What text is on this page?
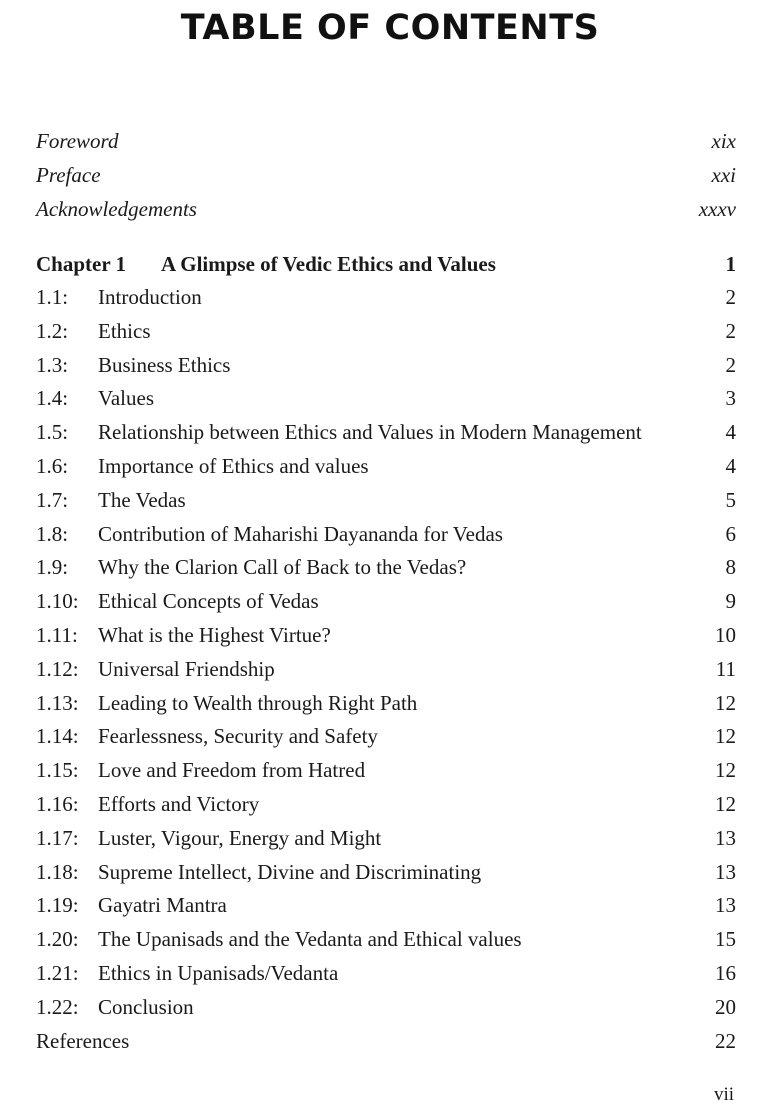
TABLE OF CONTENTS
Foreword	xix
Preface	xxi
Acknowledgements	xxxv
Chapter 1	A Glimpse of Vedic Ethics and Values	1
1.1:	Introduction	2
1.2:	Ethics	2
1.3:	Business Ethics	2
1.4:	Values	3
1.5:	Relationship between Ethics and Values in Modern Management	4
1.6:	Importance of Ethics and values	4
1.7:	The Vedas	5
1.8:	Contribution of Maharishi Dayananda for Vedas	6
1.9:	Why the Clarion Call of Back to the Vedas?	8
1.10: Ethical Concepts of Vedas	9
1.11: What is the Highest Virtue?	10
1.12: Universal Friendship	11
1.13: Leading to Wealth through Right Path	12
1.14: Fearlessness, Security and Safety	12
1.15: Love and Freedom from Hatred	12
1.16: Efforts and Victory	12
1.17: Luster, Vigour, Energy and Might	13
1.18: Supreme Intellect, Divine and Discriminating	13
1.19: Gayatri Mantra	13
1.20: The Upanisads and the Vedanta and Ethical values	15
1.21: Ethics in Upanisads/Vedanta	16
1.22: Conclusion	20
References	22
vii
